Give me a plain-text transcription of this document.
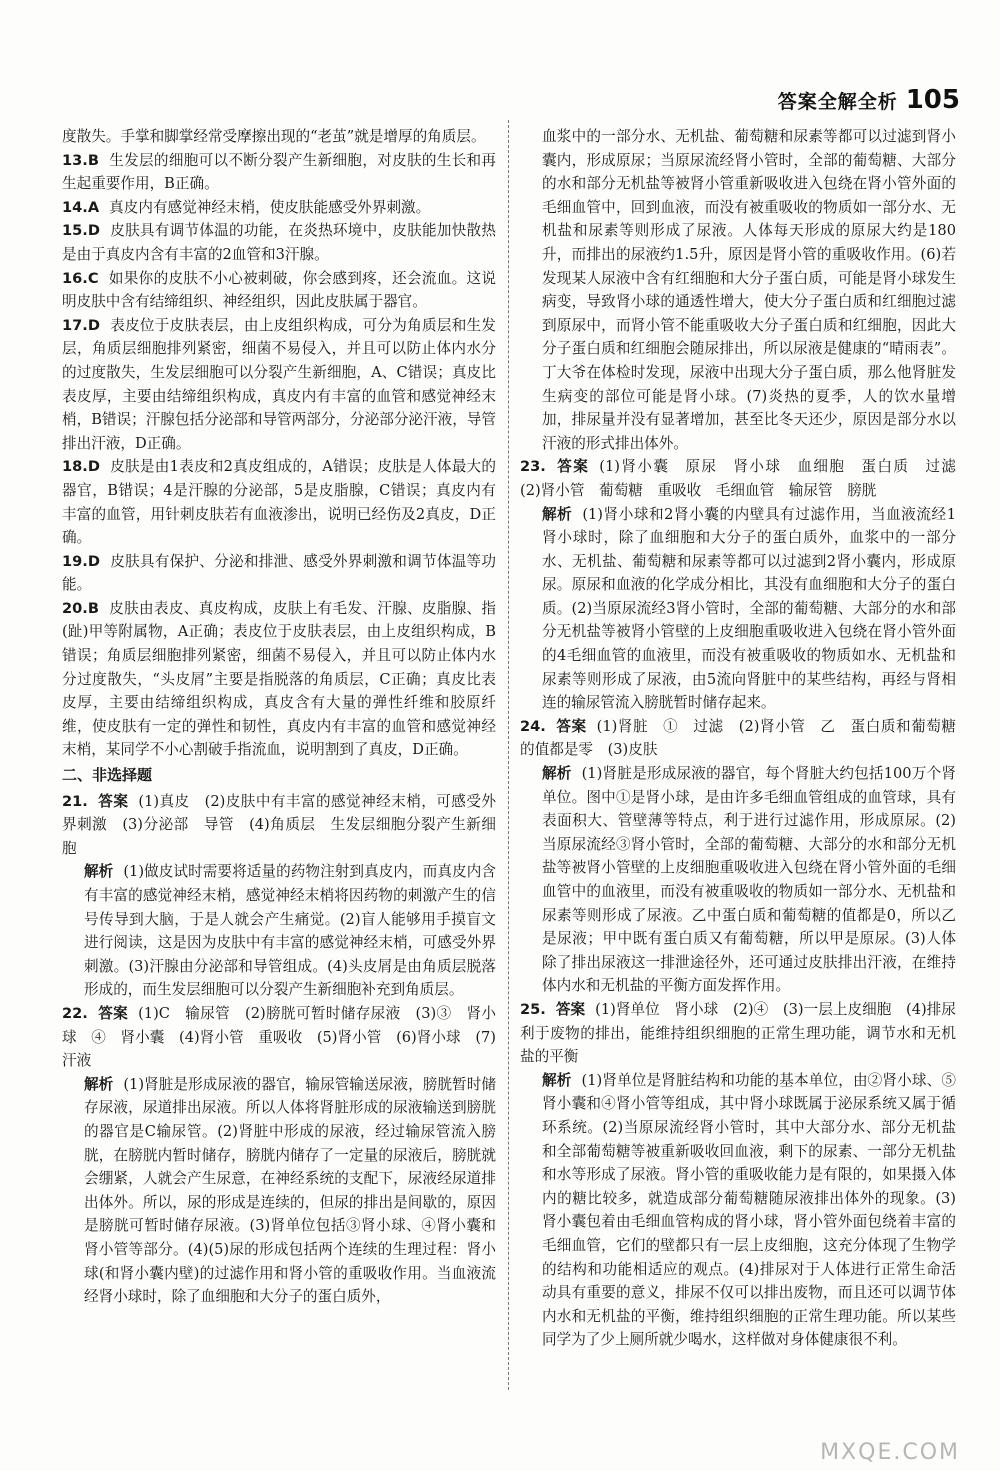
答案全解全析 105

度散失。手掌和脚掌经常受摩擦出现的“老茧”就是增厚的角质层。

13.B 生发层的细胞可以不断分裂产生新细胞，对皮肤的生长和再生起重要作用，B正确。

14.A 真皮内有感觉神经末梢，使皮肤能感受外界刺激。

15.D 皮肤具有调节体温的功能，在炎热环境中，皮肤能加快散热是由于真皮内含有丰富的2血管和3汗腺。

16.C 如果你的皮肤不小心被刺破，你会感到疼，还会流血。这说明皮肤中含有结缔组织、神经组织，因此皮肤属于器官。

17.D 表皮位于皮肤表层，由上皮组织构成，可分为角质层和生发层，角质层细胞排列紧密，细菌不易侵入，并且可以防止体内水分的过度散失，生发层细胞可以分裂产生新细胞，A、C错误；真皮比表皮厚，主要由结缔组织构成，真皮内有丰富的血管和感觉神经末梢，B错误；汗腺包括分泌部和导管两部分，分泌部分泌汗液，导管排出汗液，D正确。

18.D 皮肤是由1表皮和2真皮组成的，A错误；皮肤是人体最大的器官，B错误；4是汗腺的分泌部，5是皮脂腺，C错误；真皮内有丰富的血管，用针刺皮肤若有血液渗出，说明已经伤及2真皮，D正确。

19.D 皮肤具有保护、分泌和排泄、感受外界刺激和调节体温等功能。

20.B 皮肤由表皮、真皮构成，皮肤上有毛发、汗腺、皮脂腺、指(趾)甲等附属物，A正确；表皮位于皮肤表层，由上皮组织构成，B错误；角质层细胞排列紧密，细菌不易侵入，并且可以防止体内水分过度散失，“头皮屑”主要是指脱落的角质层，C正确；真皮比表皮厚，主要由结缔组织构成，真皮含有大量的弹性纤维和胶原纤维，使皮肤有一定的弹性和韧性，真皮内有丰富的血管和感觉神经末梢，某同学不小心割破手指流血，说明割到了真皮，D正确。

二、非选择题

21. 答案 (1)真皮　(2)皮肤中有丰富的感觉神经末梢，可感受外界刺激　(3)分泌部　导管　(4)角质层　生发层细胞分裂产生新细胞

解析 (1)做皮试时需要将适量的药物注射到真皮内，而真皮内含有丰富的感觉神经末梢，感觉神经末梢将因药物的刺激产生的信号传导到大脑，于是人就会产生痛觉。(2)盲人能够用手摸盲文进行阅读，这是因为皮肤中有丰富的感觉神经末梢，可感受外界刺激。(3)汗腺由分泌部和导管组成。(4)头皮屑是由角质层脱落形成的，而生发层细胞可以分裂产生新细胞补充到角质层。

22. 答案 (1)C　输尿管　(2)膀胱可暂时储存尿液　(3)③　肾小球　④　肾小囊　(4)肾小管　重吸收　(5)肾小管　(6)肾小球　(7)汗液

解析 (1)肾脏是形成尿液的器官，输尿管输送尿液，膀胱暂时储存尿液，尿道排出尿液。所以人体将肾脏形成的尿液输送到膀胱的器官是C输尿管。(2)肾脏中形成的尿液，经过输尿管流入膀胱，在膀胱内暂时储存，膀胱内储存了一定量的尿液后，膀胱就会绷紧，人就会产生尿意，在神经系统的支配下，尿液经尿道排出体外。所以，尿的形成是连续的，但尿的排出是间歇的，原因是膀胱可暂时储存尿液。(3)肾单位包括③肾小球、④肾小囊和肾小管等部分。(4)(5)尿的形成包括两个连续的生理过程：肾小球(和肾小囊内壁)的过滤作用和肾小管的重吸收作用。当血液流经肾小球时，除了血细胞和大分子的蛋白质外，

血浆中的一部分水、无机盐、葡萄糖和尿素等都可以过滤到肾小囊内，形成原尿；当原尿流经肾小管时，全部的葡萄糖、大部分的水和部分无机盐等被肾小管重新吸收进入包绕在肾小管外面的毛细血管中，回到血液，而没有被重吸收的物质如一部分水、无机盐和尿素等则形成了尿液。人体每天形成的原尿大约是180升，而排出的尿液约1.5升，原因是肾小管的重吸收作用。(6)若发现某人尿液中含有红细胞和大分子蛋白质，可能是肾小球发生病变，导致肾小球的通透性增大，使大分子蛋白质和红细胞过滤到原尿中，而肾小管不能重吸收大分子蛋白质和红细胞，因此大分子蛋白质和红细胞会随尿排出，所以尿液是健康的“晴雨表”。丁大爷在体检时发现，尿液中出现大分子蛋白质，那么他肾脏发生病变的部位可能是肾小球。(7)炎热的夏季，人的饮水量增加，排尿量并没有显著增加，甚至比冬天还少，原因是部分水以汗液的形式排出体外。

23. 答案 (1)肾小囊　原尿　肾小球　血细胞　蛋白质　过滤　(2)肾小管　葡萄糖　重吸收　毛细血管　输尿管　膀胱

解析 (1)肾小球和2肾小囊的内壁具有过滤作用，当血液流经1肾小球时，除了血细胞和大分子的蛋白质外，血浆中的一部分水、无机盐、葡萄糖和尿素等都可以过滤到2肾小囊内，形成原尿。原尿和血液的化学成分相比，其没有血细胞和大分子的蛋白质。(2)当原尿流经3肾小管时，全部的葡萄糖、大部分的水和部分无机盐等被肾小管壁的上皮细胞重吸收进入包绕在肾小管外面的4毛细血管的血液里，而没有被重吸收的物质如水、无机盐和尿素等则形成了尿液，由5流向肾脏中的某些结构，再经与肾相连的输尿管流入膀胱暂时储存起来。

24. 答案 (1)肾脏　①　过滤　(2)肾小管　乙　蛋白质和葡萄糖的值都是零　(3)皮肤

解析 (1)肾脏是形成尿液的器官，每个肾脏大约包括100万个肾单位。图中①是肾小球，是由许多毛细血管组成的血管球，具有表面积大、管壁薄等特点，利于进行过滤作用，形成原尿。(2)当原尿流经③肾小管时，全部的葡萄糖、大部分的水和部分无机盐等被肾小管壁的上皮细胞重吸收进入包绕在肾小管外面的毛细血管中的血液里，而没有被重吸收的物质如一部分水、无机盐和尿素等则形成了尿液。乙中蛋白质和葡萄糖的值都是0，所以乙是尿液；甲中既有蛋白质又有葡萄糖，所以甲是原尿。(3)人体除了排出尿液这一排泄途径外，还可通过皮肤排出汗液，在维持体内水和无机盐的平衡方面发挥作用。

25. 答案 (1)肾单位　肾小球　(2)④　(3)一层上皮细胞　(4)排尿利于废物的排出，能维持组织细胞的正常生理功能，调节水和无机盐的平衡

解析 (1)肾单位是肾脏结构和功能的基本单位，由②肾小球、⑤肾小囊和④肾小管等组成，其中肾小球既属于泌尿系统又属于循环系统。(2)当原尿流经肾小管时，其中大部分水、部分无机盐和全部葡萄糖等被重新吸收回血液，剩下的尿素、一部分无机盐和水等形成了尿液。肾小管的重吸收能力是有限的，如果摄入体内的糖比较多，就造成部分葡萄糖随尿液排出体外的现象。(3)肾小囊包着由毛细血管构成的肾小球，肾小管外面包绕着丰富的毛细血管，它们的壁都只有一层上皮细胞，这充分体现了生物学的结构和功能相适应的观点。(4)排尿对于人体进行正常生命活动具有重要的意义，排尿不仅可以排出废物，而且还可以调节体内水和无机盐的平衡，维持组织细胞的正常生理功能。所以某些同学为了少上厕所就少喝水，这样做对身体健康很不利。

MXQE.COM
